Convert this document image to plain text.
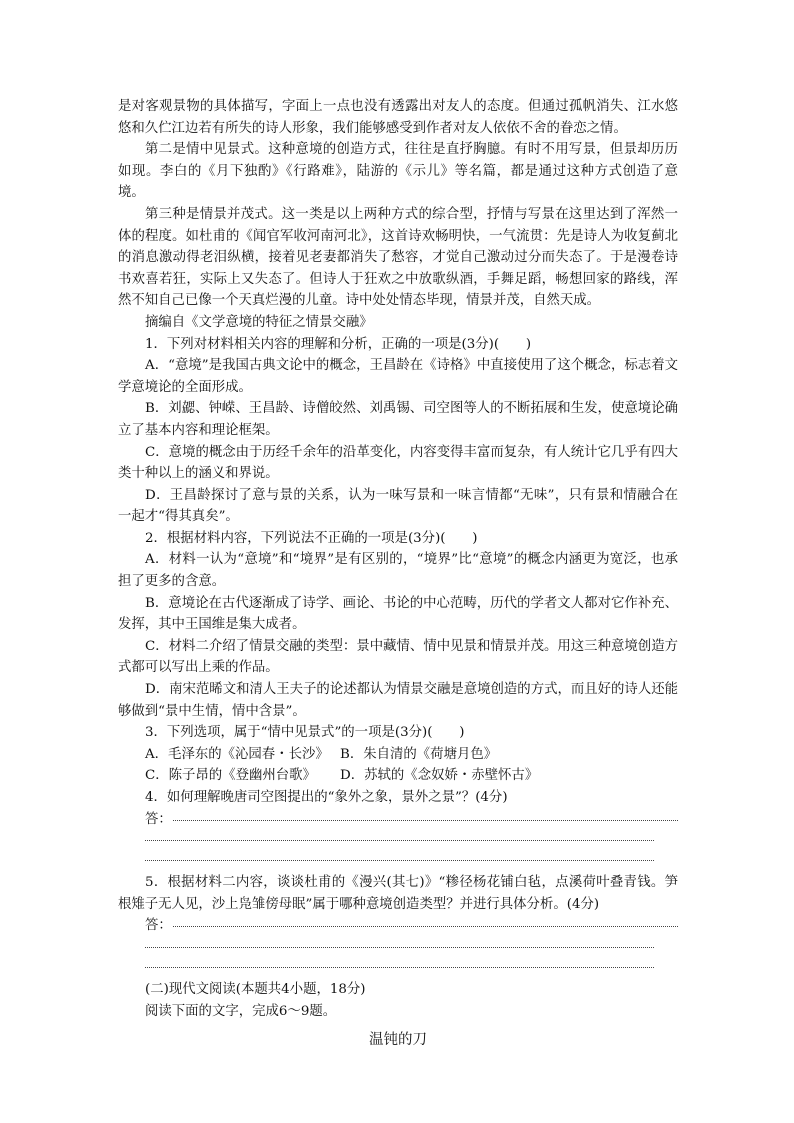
是对客观景物的具体描写，字面上一点也没有透露出对友人的态度。但通过孤帆消失、江水悠悠和久伫江边若有所失的诗人形象，我们能够感受到作者对友人依依不舍的眷恋之情。

第二是情中见景式。这种意境的创造方式，往往是直抒胸臆。有时不用写景，但景却历历如现。李白的《月下独酌》《行路难》，陆游的《示儿》等名篇，都是通过这种方式创造了意境。

第三种是情景并茂式。这一类是以上两种方式的综合型，抒情与写景在这里达到了浑然一体的程度。如杜甫的《闻官军收河南河北》，这首诗欢畅明快，一气流贯：先是诗人为收复蓟北的消息激动得老泪纵横，接着见老妻都消失了愁容，才觉自己激动过分而失态了。于是漫卷诗书欢喜若狂，实际上又失态了。但诗人于狂欢之中放歌纵酒，手舞足蹈，畅想回家的路线，浑然不知自己已像一个天真烂漫的儿童。诗中处处情态毕现，情景并茂，自然天成。

摘编自《文学意境的特征之情景交融》

1．下列对材料相关内容的理解和分析，正确的一项是(3分)(　　)

A．“意境”是我国古典文论中的概念，王昌龄在《诗格》中直接使用了这个概念，标志着文学意境论的全面形成。

B．刘勰、钟嵘、王昌龄、诗僧皎然、刘禹锡、司空图等人的不断拓展和生发，使意境论确立了基本内容和理论框架。

C．意境的概念由于历经千余年的沿革变化，内容变得丰富而复杂，有人统计它几乎有四大类十种以上的涵义和界说。

D．王昌龄探讨了意与景的关系，认为一味写景和一味言情都“无味”，只有景和情融合在一起才“得其真矣”。

2．根据材料内容，下列说法不正确的一项是(3分)(　　)

A．材料一认为“意境”和“境界”是有区别的，“境界”比“意境”的概念内涵更为宽泛，也承担了更多的含意。

B．意境论在古代逐渐成了诗学、画论、书论的中心范畴，历代的学者文人都对它作补充、发挥，其中王国维是集大成者。

C．材料二介绍了情景交融的类型：景中藏情、情中见景和情景并茂。用这三种意境创造方式都可以写出上乘的作品。

D．南宋范晞文和清人王夫子的论述都认为情景交融是意境创造的方式，而且好的诗人还能够做到“景中生情，情中含景”。

3．下列选项，属于“情中见景式”的一项是(3分)(　　)

A．毛泽东的《沁园春・长沙》 B．朱自清的《荷塘月色》
C．陈子昂的《登幽州台歌》	D．苏轼的《念奴娇・赤壁怀古》

4．如何理解晚唐司空图提出的“象外之象，景外之景”？(4分)

答：

5．根据材料二内容，谈谈杜甫的《漫兴(其七)》“糁径杨花铺白毡，点溪荷叶叠青钱。笋根雉子无人见，沙上凫雏傍母眠”属于哪种意境创造类型？并进行具体分析。(4分)

答：

(二)现代文阅读(本题共4小题，18分)

阅读下面的文字，完成6～9题。

温钝的刀
